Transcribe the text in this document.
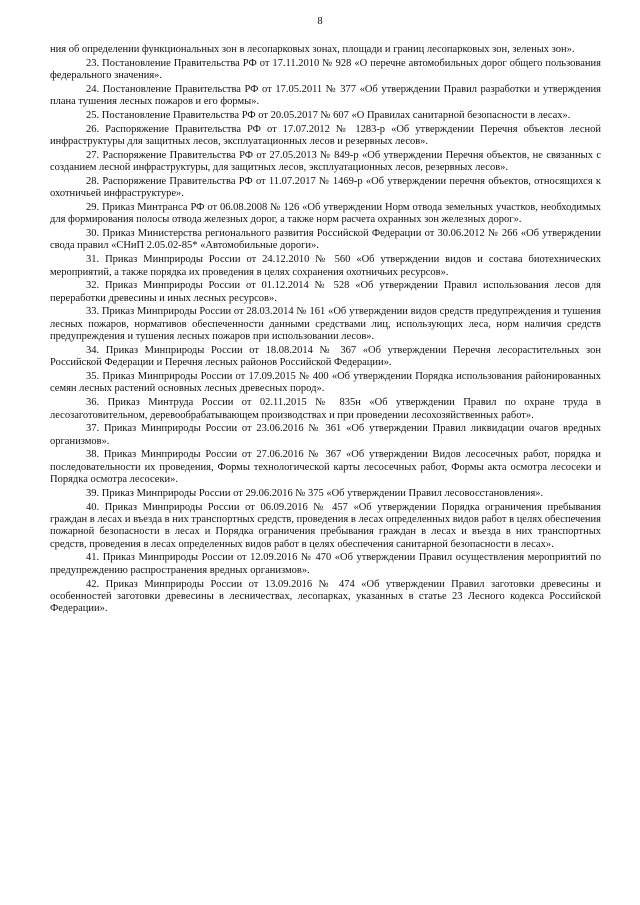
8

ния об определении функциональных зон в лесопарковых зонах, площади и границ лесопарковых зон, зеленых зон».

23. Постановление Правительства РФ от 17.11.2010 № 928 «О перечне автомобильных дорог общего пользования федерального значения».

24. Постановление Правительства РФ от 17.05.2011 № 377 «Об утверждении Правил разработки и утверждения плана тушения лесных пожаров и его формы».

25. Постановление Правительства РФ от 20.05.2017 № 607 «О Правилах санитарной безопасности в лесах».

26. Распоряжение Правительства РФ от 17.07.2012 № 1283-р «Об утверждении Перечня объектов лесной инфраструктуры для защитных лесов, эксплуатационных лесов и резервных лесов».

27. Распоряжение Правительства РФ от 27.05.2013 № 849-р «Об утверждении Перечня объектов, не связанных с созданием лесной инфраструктуры, для защитных лесов, эксплуатационных лесов, резервных лесов».

28. Распоряжение Правительства РФ от 11.07.2017 № 1469-р «Об утверждении перечня объектов, относящихся к охотничьей инфраструктуре».

29. Приказ Минтранса РФ от 06.08.2008 № 126 «Об утверждении Норм отвода земельных участков, необходимых для формирования полосы отвода железных дорог, а также норм расчета охранных зон железных дорог».

30. Приказ Министерства регионального развития Российской Федерации от 30.06.2012 № 266 «Об утверждении свода правил «СНиП 2.05.02-85* «Автомобильные дороги».

31. Приказ Минприроды России от 24.12.2010 № 560 «Об утверждении видов и состава биотехнических мероприятий, а также порядка их проведения в целях сохранения охотничьих ресурсов».

32. Приказ Минприроды России от 01.12.2014 № 528 «Об утверждении Правил использования лесов для переработки древесины и иных лесных ресурсов».

33. Приказ Минприроды России от 28.03.2014 № 161 «Об утверждении видов средств предупреждения и тушения лесных пожаров, нормативов обеспеченности данными средствами лиц, использующих леса, норм наличия средств предупреждения и тушения лесных пожаров при использовании лесов».

34. Приказ Минприроды России от 18.08.2014 № 367 «Об утверждении Перечня лесорастительных зон Российской Федерации и Перечня лесных районов Российской Федерации».

35. Приказ Минприроды России от 17.09.2015 № 400 «Об утверждении Порядка использования районированных семян лесных растений основных лесных древесных пород».

36. Приказ Минтруда России от 02.11.2015 № 835н «Об утверждении Правил по охране труда в лесозаготовительном, деревообрабатывающем производствах и при проведении лесохозяйственных работ».

37. Приказ Минприроды России от 23.06.2016 № 361 «Об утверждении Правил ликвидации очагов вредных организмов».

38. Приказ Минприроды России от 27.06.2016 № 367 «Об утверждении Видов лесосечных работ, порядка и последовательности их проведения, Формы технологической карты лесосечных работ, Формы акта осмотра лесосеки и Порядка осмотра лесосеки».

39. Приказ Минприроды России от 29.06.2016 № 375 «Об утверждении Правил лесовосстановления».

40. Приказ Минприроды России от 06.09.2016 № 457 «Об утверждении Порядка ограничения пребывания граждан в лесах и въезда в них транспортных средств, проведения в лесах определенных видов работ в целях обеспечения пожарной безопасности в лесах и Порядка ограничения пребывания граждан в лесах и въезда в них транспортных средств, проведения в лесах определенных видов работ в целях обеспечения санитарной безопасности в лесах».

41. Приказ Минприроды России от 12.09.2016 № 470 «Об утверждении Правил осуществления мероприятий по предупреждению распространения вредных организмов».

42. Приказ Минприроды России от 13.09.2016 № 474 «Об утверждении Правил заготовки древесины и особенностей заготовки древесины в лесничествах, лесопарках, указанных в статье 23 Лесного кодекса Российской Федерации».
